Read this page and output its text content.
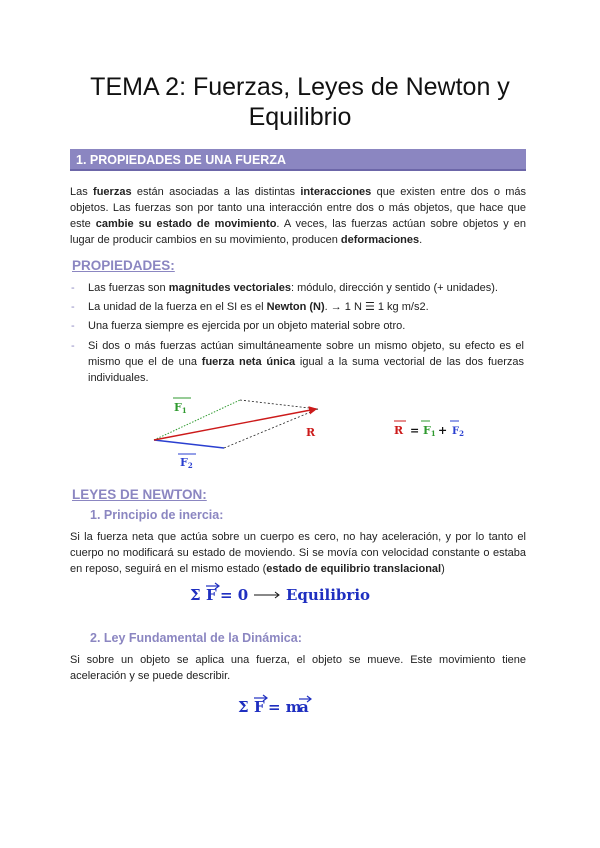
TEMA 2: Fuerzas, Leyes de Newton y
Equilibrio
1. PROPIEDADES DE UNA FUERZA
Las fuerzas están asociadas a las distintas interacciones que existen entre dos o más objetos. Las fuerzas son por tanto una interacción entre dos o más objetos, que hace que este cambie su estado de movimiento. A veces, las fuerzas actúan sobre objetos y en lugar de producir cambios en su movimiento, producen deformaciones.
PROPIEDADES:
- Las fuerzas son magnitudes vectoriales: módulo, dirección y sentido (+ unidades).
- La unidad de la fuerza en el SI es el Newton (N). → 1 N ☰ 1 kg m/s2.
- Una fuerza siempre es ejercida por un objeto material sobre otro.
- Si dos o más fuerzas actúan simultáneamente sobre un mismo objeto, su efecto es el mismo que el de una fuerza neta única igual a la suma vectorial de las dos fuerzas individuales.
F1
F2
R	$R = F1 + F_2$
LEYES DE NEWTON:
1. Principio de inercia:
Si la fuerza neta que actúa sobre un cuerpo es cero, no hay aceleración, y por lo tanto el cuerpo no modificará su estado de moviendo. Si se movía con velocidad constante o estaba en reposo, seguirá en el mismo estado (estado de equilibrio translacional)
Σ F = 0	Equilibrio
2. Ley Fundamental de la Dinámica:
Si sobre un objeto se aplica una fuerza, el objeto se mueve. Este movimiento tiene aceleración y se puede describir.
Σ F = m
a
